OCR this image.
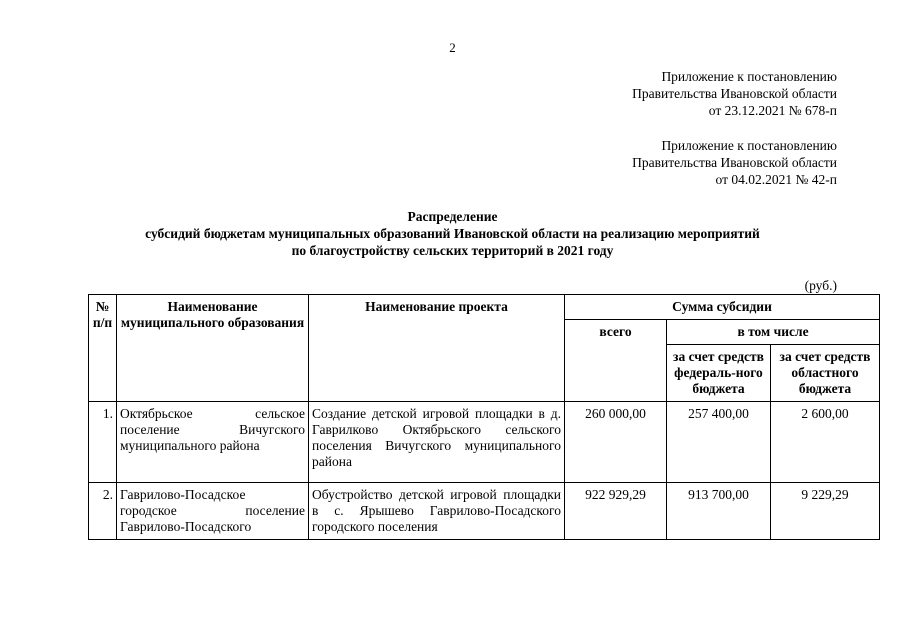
2
Приложение к постановлению
Правительства Ивановской области
от 23.12.2021 № 678-п
Приложение к постановлению
Правительства Ивановской области
от 04.02.2021 № 42-п
Распределение
субсидий бюджетам муниципальных образований Ивановской области на реализацию мероприятий
по благоустройству сельских территорий в 2021 году
(руб.)
№ п/п	Наименование муниципального образования	Наименование проекта	Сумма субсидии		
			всего	в том числе	
				за счет средств федераль-ного бюджета	за счет средств областного бюджета
1.	Октябрьское сельское поселение Вичугского муниципального района	Создание детской игровой площадки в д. Гаврилково Октябрьского сельского поселения Вичугского муниципального района	260 000,00	257 400,00	2 600,00
2.	Гаврилово-Посадское городское поселение Гаврилово-Посадского	Обустройство детской игровой площадки в с. Ярышево Гаврилово-Посадского городского поселения	922 929,29	913 700,00	9 229,29
